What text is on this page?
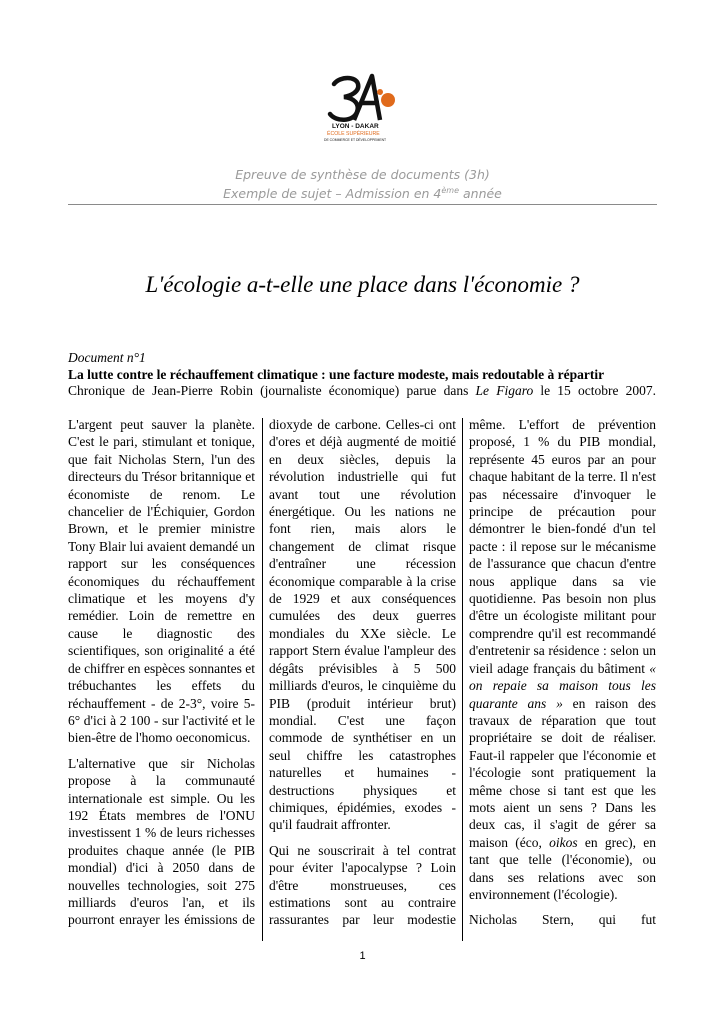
LYON - DAKAR
ÉCOLE SUPÉRIEURE
DE COMMERCE ET DÉVELOPPEMENT
Epreuve de synthèse de documents (3h)
Exemple de sujet – Admission en 4ème année
L'écologie a-t-elle une place dans l'économie ?
Document n°1
La lutte contre le réchauffement climatique : une facture modeste, mais redoutable à répartir
Chronique de Jean-Pierre Robin (journaliste économique) parue dans Le Figaro le 15 octobre 2007.

L'argent peut sauver la planète. C'est le pari, stimulant et tonique, que fait Nicholas Stern, l'un des directeurs du Trésor britannique et économiste de renom. Le chancelier de l'Échiquier, Gordon Brown, et le premier ministre Tony Blair lui avaient demandé un rapport sur les conséquences économiques du réchauffement climatique et les moyens d'y remédier. Loin de remettre en cause le diagnostic des scientifiques, son originalité a été de chiffrer en espèces sonnantes et trébuchantes les effets du réchauffement - de 2-3°, voire 5-6° d'ici à 2 100 - sur l'activité et le bien-être de l'homo oeconomicus.

L'alternative que sir Nicholas propose à la communauté internationale est simple. Ou les 192 États membres de l'ONU investissent 1 % de leurs richesses produites chaque année (le PIB mondial) d'ici à 2050 dans de nouvelles technologies, soit 275 milliards d'euros l'an, et ils pourront enrayer les émissions de

dioxyde de carbone. Celles-ci ont d'ores et déjà augmenté de moitié en deux siècles, depuis la révolution industrielle qui fut avant tout une révolution énergétique. Ou les nations ne font rien, mais alors le changement de climat risque d'entraîner une récession économique comparable à la crise de 1929 et aux conséquences cumulées des deux guerres mondiales du XXe siècle. Le rapport Stern évalue l'ampleur des dégâts prévisibles à 5 500 milliards d'euros, le cinquième du PIB (produit intérieur brut) mondial. C'est une façon commode de synthétiser en un seul chiffre les catastrophes naturelles et humaines - destructions physiques et chimiques, épidémies, exodes - qu'il faudrait affronter.

Qui ne souscrirait à tel contrat pour éviter l'apocalypse ? Loin d'être monstrueuses, ces estimations sont au contraire rassurantes par leur modestie

même. L'effort de prévention proposé, 1 % du PIB mondial, représente 45 euros par an pour chaque habitant de la terre. Il n'est pas nécessaire d'invoquer le principe de précaution pour démontrer le bien-fondé d'un tel pacte : il repose sur le mécanisme de l'assurance que chacun d'entre nous applique dans sa vie quotidienne. Pas besoin non plus d'être un écologiste militant pour comprendre qu'il est recommandé d'entretenir sa résidence : selon un vieil adage français du bâtiment « on repaie sa maison tous les quarante ans » en raison des travaux de réparation que tout propriétaire se doit de réaliser. Faut-il rappeler que l'économie et l'écologie sont pratiquement la même chose si tant est que les mots aient un sens ? Dans les deux cas, il s'agit de gérer sa maison (éco, oikos en grec), en tant que telle (l'économie), ou dans ses relations avec son environnement (l'écologie).

Nicholas Stern, qui fut

1
